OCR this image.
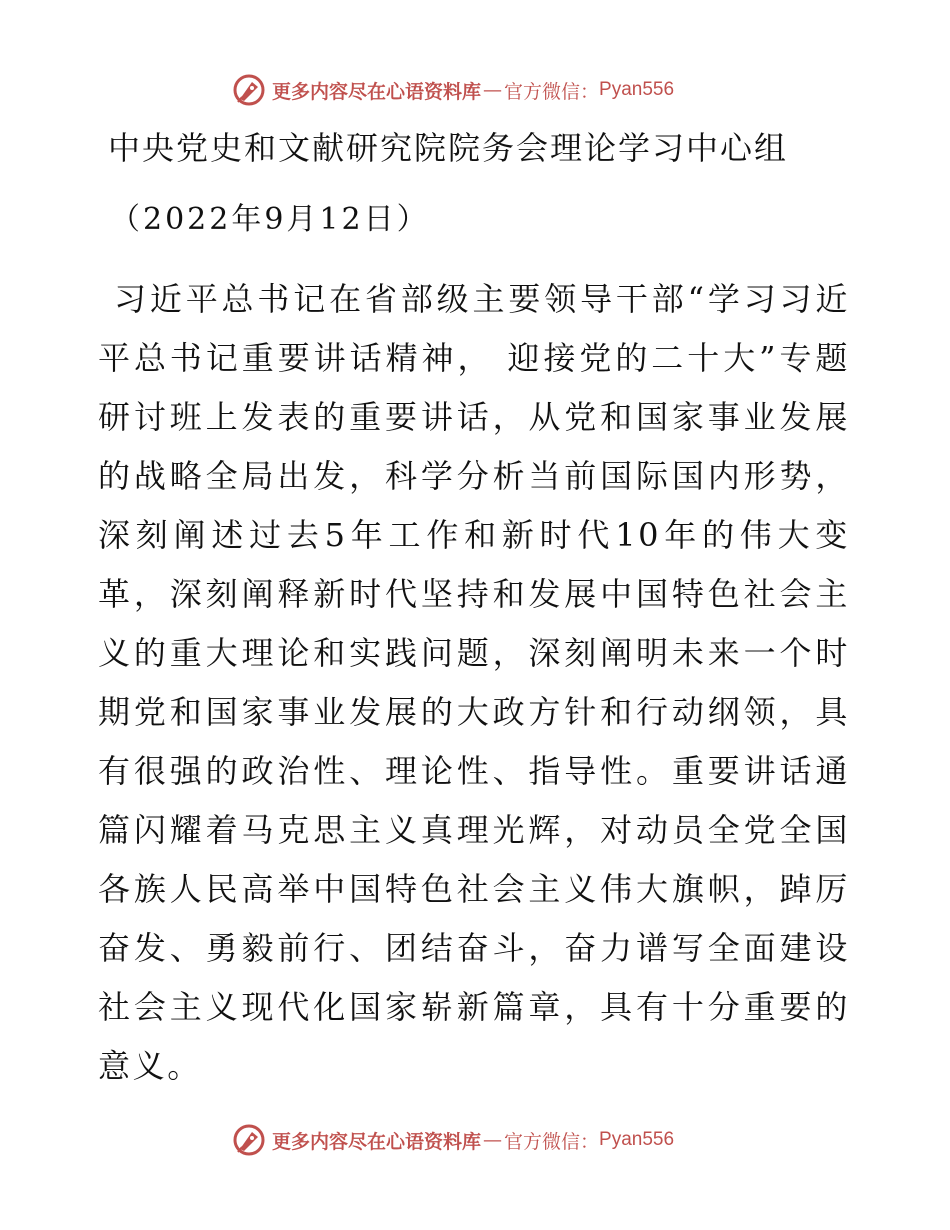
更多内容尽在心语资料库 — 官方微信： Pyan556
中央党史和文献研究院院务会理论学习中心组

（2022年9月12日）

习近平总书记在省部级主要领导干部“学习习近平总书记重要讲话精神， 迎接党的二十大”专题研讨班上发表的重要讲话，从党和国家事业发展的战略全局出发，科学分析当前国际国内形势，深刻阐述过去5年工作和新时代10年的伟大变革，深刻阐释新时代坚持和发展中国特色社会主义的重大理论和实践问题，深刻阐明未来一个时期党和国家事业发展的大政方针和行动纲领，具有很强的政治性、理论性、指导性。重要讲话通篇闪耀着马克思主义真理光辉，对动员全党全国各族人民高举中国特色社会主义伟大旗帜，踔厉奋发、勇毅前行、团结奋斗，奋力谱写全面建设社会主义现代化国家崭新篇章，具有十分重要的意义。

更多内容尽在心语资料库 — 官方微信： Pyan556
